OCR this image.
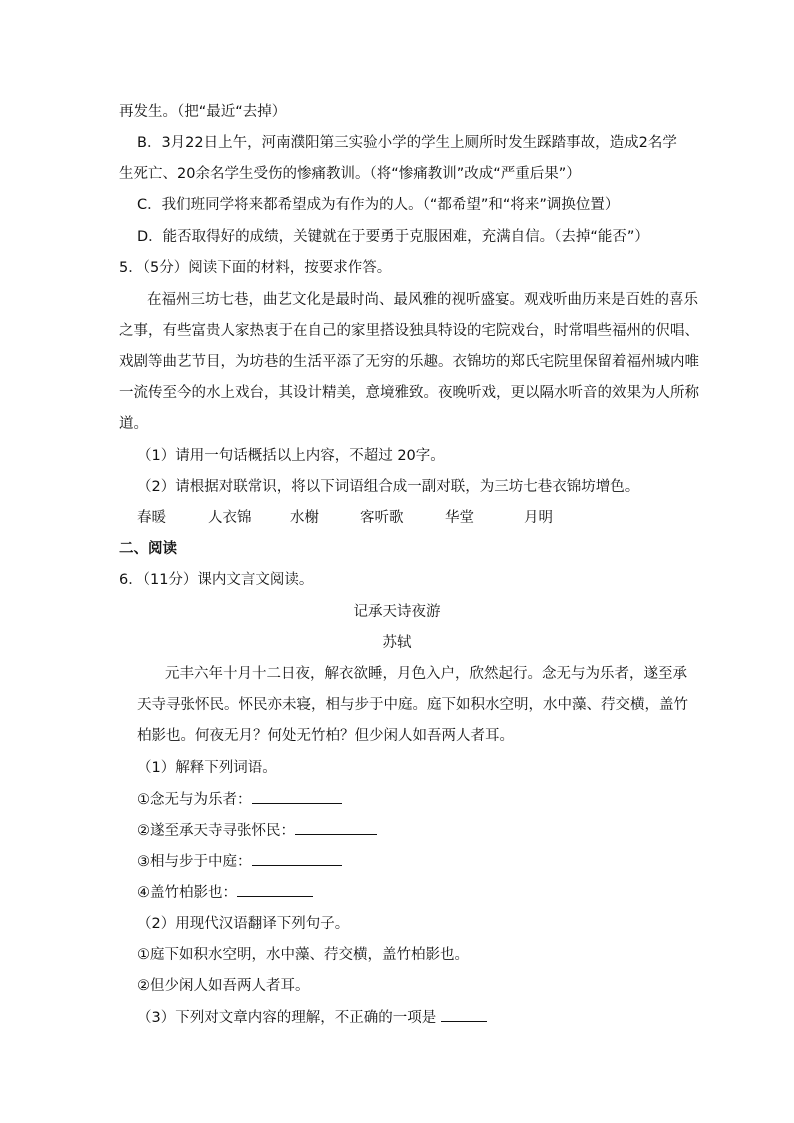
再发生。（把“最近“去掉）
B．3月22日上午，河南濮阳第三实验小学的学生上厕所时发生踩踏事故，造成2名学
生死亡、20余名学生受伤的惨痛教训。（将“惨痛教训”改成“严重后果”）
C．我们班同学将来都希望成为有作为的人。（“都希望”和“将来”调换位置）
D．能否取得好的成绩，关键就在于要勇于克服困难，充满自信。（去掉“能否”）
5．（5分）阅读下面的材料，按要求作答。
在福州三坊七巷，曲艺文化是最时尚、最风雅的视听盛宴。观戏听曲历来是百姓的喜乐
之事，有些富贵人家热衷于在自己的家里搭设独具特设的宅院戏台，时常唱些福州的伬唱、
戏剧等曲艺节目，为坊巷的生活平添了无穷的乐趣。衣锦坊的郑氏宅院里保留着福州城内唯
一流传至今的水上戏台，其设计精美，意境雅致。夜晚听戏，更以隔水听音的效果为人所称
道。
（1）请用一句话概括以上内容，不超过 20字。
（2）请根据对联常识，将以下词语组合成一副对联，为三坊七巷衣锦坊增色。
春暖	人衣锦	水榭	客听歌	华堂	月明
二、阅读
6．（11分）课内文言文阅读。
记承天诗夜游
苏轼
元丰六年十月十二日夜，解衣欲睡，月色入户，欣然起行。念无与为乐者，遂至承
天寺寻张怀民。怀民亦未寝，相与步于中庭。庭下如积水空明，水中藻、荇交横，盖竹
柏影也。何夜无月？何处无竹柏？但少闲人如吾两人者耳。
（1）解释下列词语。
①念无与为乐者：
②遂至承天寺寻张怀民：
③相与步于中庭：
④盖竹柏影也：
（2）用现代汉语翻译下列句子。
①庭下如积水空明，水中藻、荇交横，盖竹柏影也。
②但少闲人如吾两人者耳。
（3）下列对文章内容的理解，不正确的一项是
